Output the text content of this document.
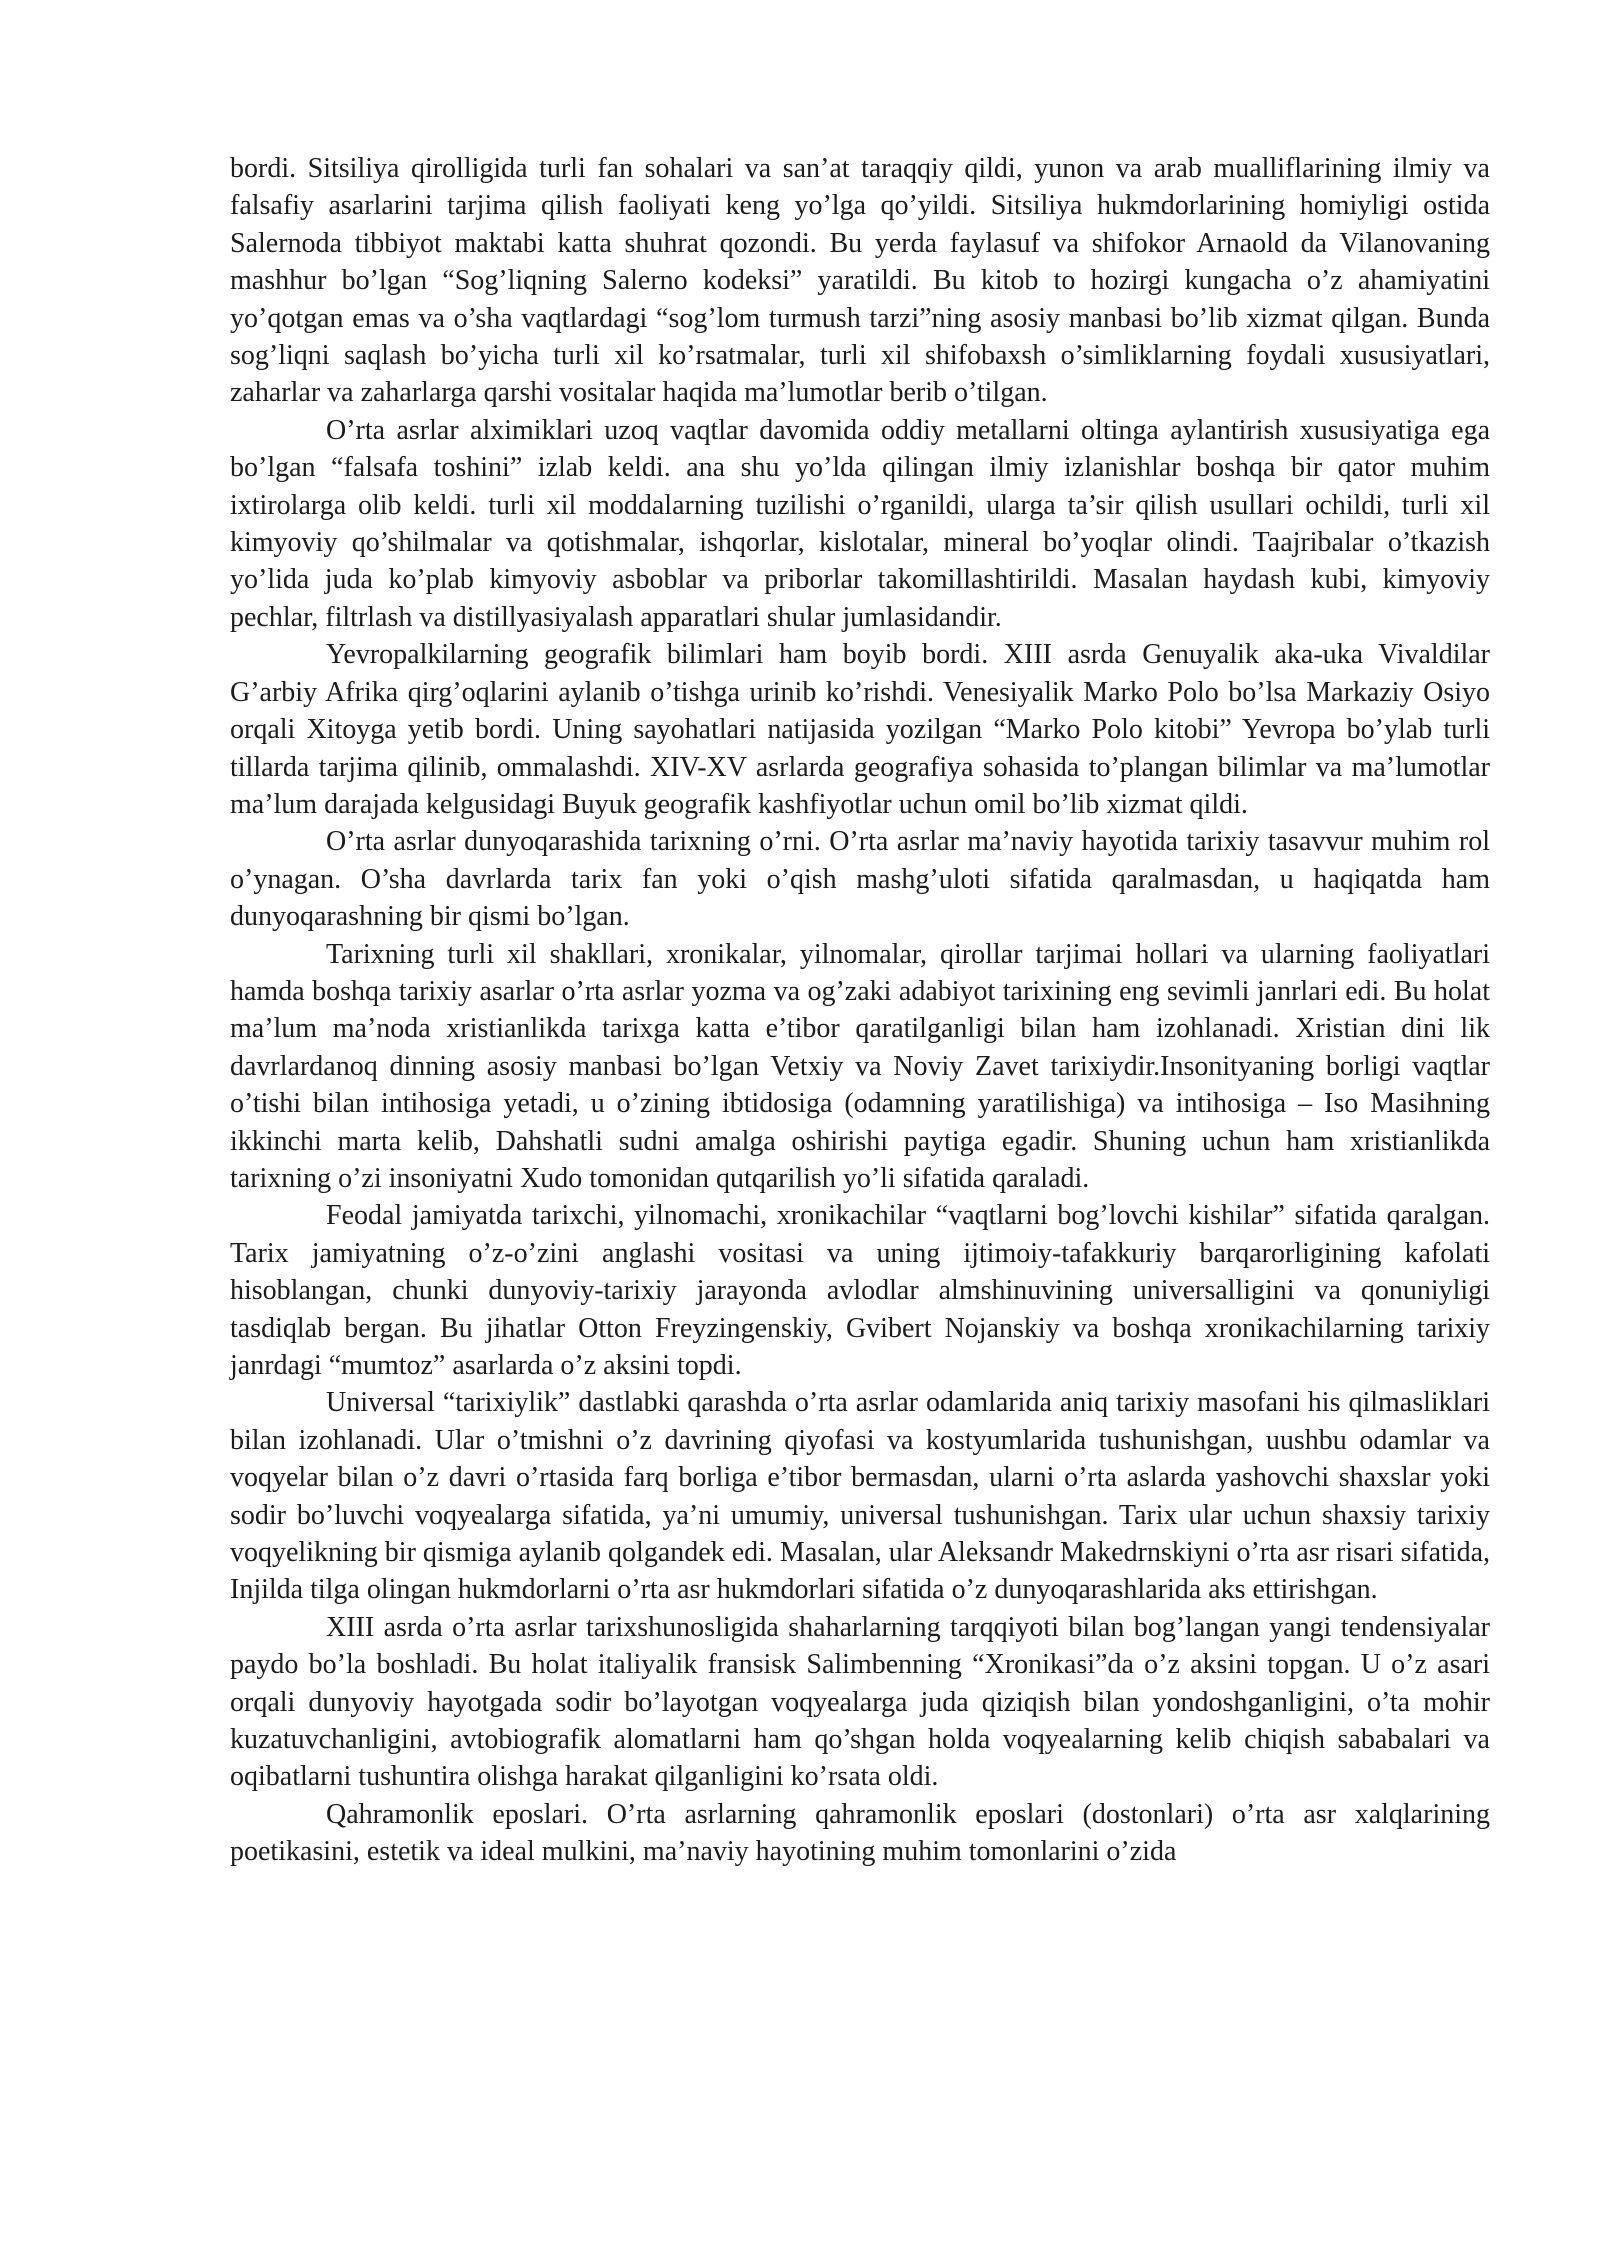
bordi. Sitsiliya qirolligida turli fan sohalari va san’at taraqqiy qildi, yunon va arab mualliflarining ilmiy va falsafiy asarlarini tarjima qilish faoliyati keng yo’lga qo’yildi. Sitsiliya hukmdorlarining homiyligi ostida Salernoda tibbiyot maktabi katta shuhrat qozondi. Bu yerda faylasuf va shifokor Arnaold da Vilanovaning mashhur bo’lgan “Sog’liqning Salerno kodeksi” yaratildi. Bu kitob to hozirgi kungacha o’z ahamiyatini yo’qotgan emas va o’sha vaqtlardagi “sog’lom turmush tarzi”ning asosiy manbasi bo’lib xizmat qilgan. Bunda sog’liqni saqlash bo’yicha turli xil ko’rsatmalar, turli xil shifobaxsh o’simliklarning foydali xususiyatlari, zaharlar va zaharlarga qarshi vositalar haqida ma’lumotlar berib o’tilgan.

O’rta asrlar alximiklari uzoq vaqtlar davomida oddiy metallarni oltinga aylantirish xususiyatiga ega bo’lgan “falsafa toshini” izlab keldi. ana shu yo’lda qilingan ilmiy izlanishlar boshqa bir qator muhim ixtirolarga olib keldi. turli xil moddalarning tuzilishi o’rganildi, ularga ta’sir qilish usullari ochildi, turli xil kimyoviy qo’shilmalar va qotishmalar, ishqorlar, kislotalar, mineral bo’yoqlar olindi. Taajribalar o’tkazish yo’lida juda ko’plab kimyoviy asboblar va priborlar takomillashtirildi. Masalan haydash kubi, kimyoviy pechlar, filtrlash va distillyasiyalash apparatlari shular jumlasidandir.

Yevropalkilarning geografik bilimlari ham boyib bordi. XIII asrda Genuyalik aka-uka Vivaldilar G’arbiy Afrika qirg’oqlarini aylanib o’tishga urinib ko’rishdi. Venesiyalik Marko Polo bo’lsa Markaziy Osiyo orqali Xitoyga yetib bordi. Uning sayohatlari natijasida yozilgan “Marko Polo kitobi” Yevropa bo’ylab turli tillarda tarjima qilinib, ommalashdi. XIV-XV asrlarda geografiya sohasida to’plangan bilimlar va ma’lumotlar ma’lum darajada kelgusidagi Buyuk geografik kashfiyotlar uchun omil bo’lib xizmat qildi.

O’rta asrlar dunyoqarashida tarixning o’rni. O’rta asrlar ma’naviy hayotida tarixiy tasavvur muhim rol o’ynagan. O’sha davrlarda tarix fan yoki o’qish mashg’uloti sifatida qaralmasdan, u haqiqatda ham dunyoqarashning bir qismi bo’lgan.

Tarixning turli xil shakllari, xronikalar, yilnomalar, qirollar tarjimai hollari va ularning faoliyatlari hamda boshqa tarixiy asarlar o’rta asrlar yozma va og’zaki adabiyot tarixining eng sevimli janrlari edi. Bu holat ma’lum ma’noda xristianlikda tarixga katta e’tibor qaratilganligi bilan ham izohlanadi. Xristian dini lik davrlardanoq dinning asosiy manbasi bo’lgan Vetxiy va Noviy Zavet tarixiydir.Insonityaning borligi vaqtlar o’tishi bilan intihosiga yetadi, u o’zining ibtidosiga (odamning yaratilishiga) va intihosiga – Iso Masihning ikkinchi marta kelib, Dahshatli sudni amalga oshirishi paytiga egadir. Shuning uchun ham xristianlikda tarixning o’zi insoniyatni Xudo tomonidan qutqarilish yo’li sifatida qaraladi.

Feodal jamiyatda tarixchi, yilnomachi, xronikachilar “vaqtlarni bog’lovchi kishilar” sifatida qaralgan. Tarix jamiyatning o’z-o’zini anglashi vositasi va uning ijtimoiy-tafakkuriy barqarorligining kafolati hisoblangan, chunki dunyoviy-tarixiy jarayonda avlodlar almshinuvining universalligini va qonuniyligi tasdiqlab bergan. Bu jihatlar Otton Freyzingenskiy, Gvibert Nojanskiy va boshqa xronikachilarning tarixiy janrdagi “mumtoz” asarlarda o’z aksini topdi.

Universal “tarixiylik” dastlabki qarashda o’rta asrlar odamlarida aniq tarixiy masofani his qilmasliklari bilan izohlanadi. Ular o’tmishni o’z davrining qiyofasi va kostyumlarida tushunishgan, uushbu odamlar va voqyelar bilan o’z davri o’rtasida farq borliga e’tibor bermasdan, ularni o’rta aslarda yashovchi shaxslar yoki sodir bo’luvchi voqyealarga sifatida, ya’ni umumiy, universal tushunishgan. Tarix ular uchun shaxsiy tarixiy voqyelikning bir qismiga aylanib qolgandek edi. Masalan, ular Aleksandr Makedrnskiyni o’rta asr risari sifatida, Injilda tilga olingan hukmdorlarni o’rta asr hukmdorlari sifatida o’z dunyoqarashlarida aks ettirishgan.

XIII asrda o’rta asrlar tarixshunosligida shaharlarning tarqqiyoti bilan bog’langan yangi tendensiyalar paydo bo’la boshladi. Bu holat italiyalik fransisk Salimbenning “Xronikasi”da o’z aksini topgan. U o’z asari orqali dunyoviy hayotgada sodir bo’layotgan voqyealarga juda qiziqish bilan yondoshganligini, o’ta mohir kuzatuvchanligini, avtobiografik alomatlarni ham qo’shgan holda voqyealarning kelib chiqish sababalari va oqibatlarni tushuntira olishga harakat qilganligini ko’rsata oldi.

Qahramonlik eposlari. O’rta asrlarning qahramonlik eposlari (dostonlari) o’rta asr xalqlarining poetikasini, estetik va ideal mulkini, ma’naviy hayotining muhim tomonlarini o’zida
